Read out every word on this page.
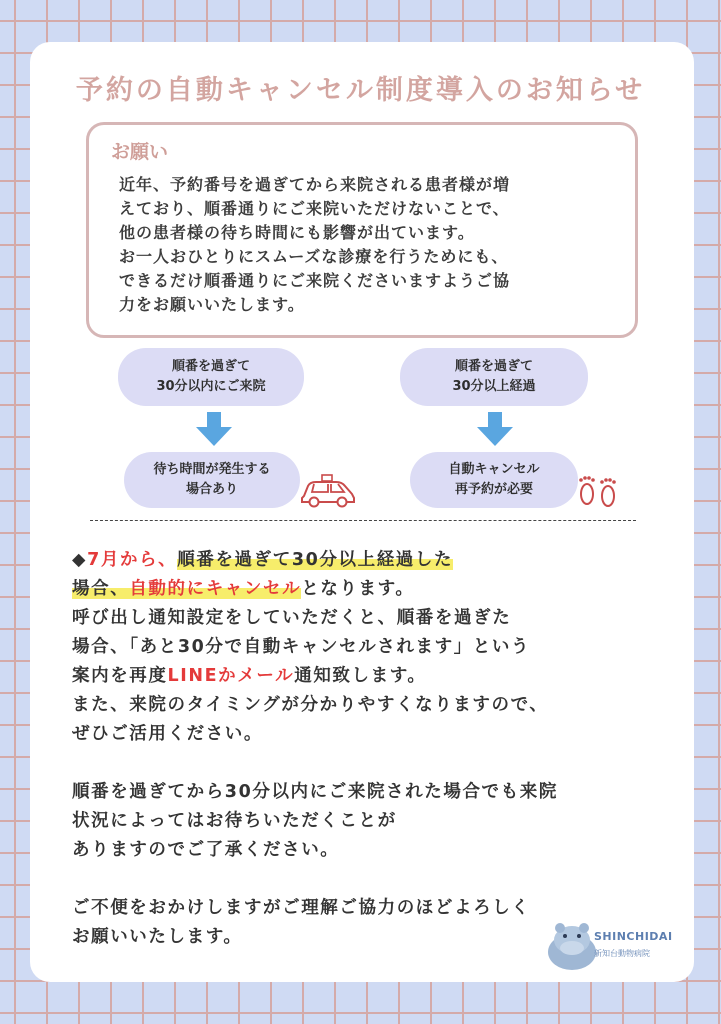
予約の自動キャンセル制度導入のお知らせ
お願い
近年、予約番号を過ぎてから来院される患者様が増
えており、順番通りにご来院いただけないことで、
他の患者様の待ち時間にも影響が出ています。
お一人おひとりにスムーズな診療を行うためにも、
できるだけ順番通りにご来院くださいますようご協
力をお願いいたします。
順番を過ぎて
30分以内にご来院
待ち時間が発生する
場合あり
順番を過ぎて
30分以上経過
自動キャンセル
再予約が必要
◆7月から、順番を過ぎて30分以上経過した
場合、自動的にキャンセルとなります。
呼び出し通知設定をしていただくと、順番を過ぎた
場合、「あと30分で自動キャンセルされます」という
案内を再度LINEかメール通知致します。
また、来院のタイミングが分かりやすくなりますので、
ぜひご活用ください。
順番を過ぎてから30分以内にご来院された場合でも来院
状況によってはお待ちいただくことが
ありますのでご了承ください。
ご不便をおかけしますがご理解ご協力のほどよろしく
お願いいたします。	SHINCHIDAI
新知台動物病院
